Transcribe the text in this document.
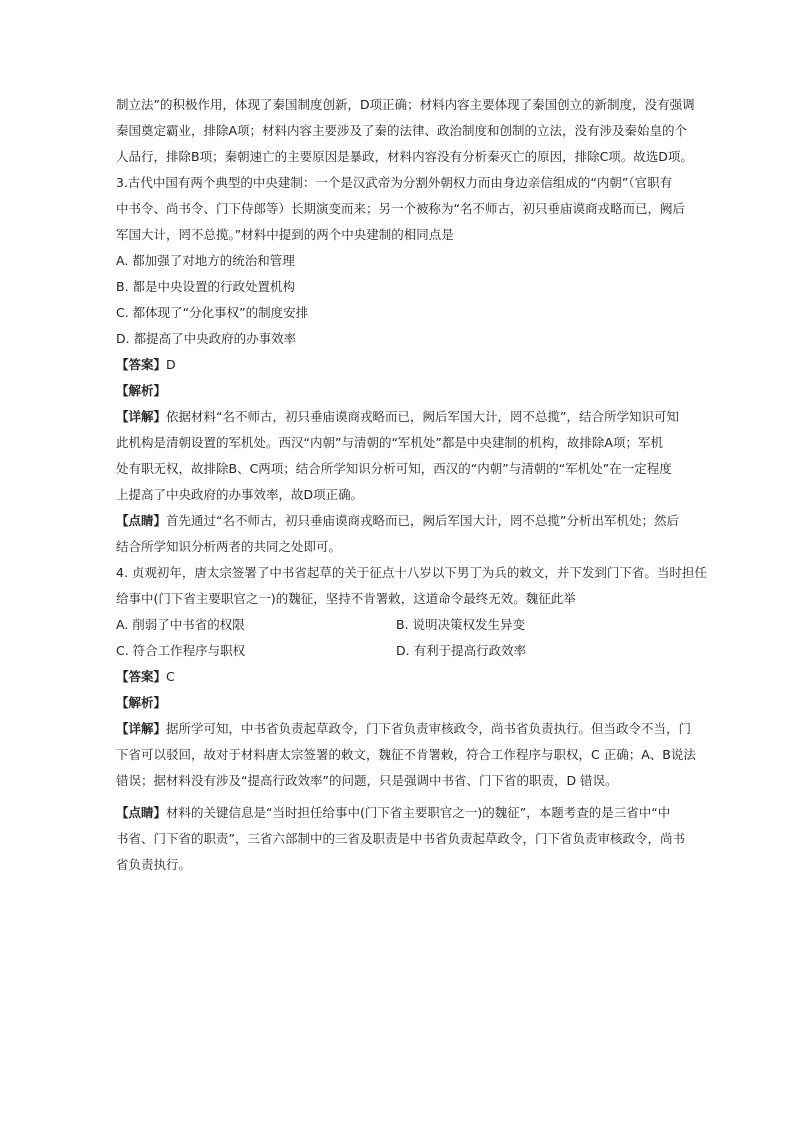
制立法”的积极作用，体现了秦国制度创新，D项正确；材料内容主要体现了秦国创立的新制度，没有强调
秦国奠定霸业，排除A项；材料内容主要涉及了秦的法律、政治制度和创制的立法，没有涉及秦始皇的个
人品行，排除B项；秦朝速亡的主要原因是暴政，材料内容没有分析秦灭亡的原因，排除C项。故选D项。
3.古代中国有两个典型的中央建制：一个是汉武帝为分割外朝权力而由身边亲信组成的“内朝”（官职有
中书令、尚书令、门下侍郎等）长期演变而来；另一个被称为“名不师古，初只垂庙谟商戎略而已，阙后
军国大计，罔不总揽。”材料中提到的两个中央建制的相同点是
A. 都加强了对地方的统治和管理
B. 都是中央设置的行政处置机构
C. 都体现了“分化事权”的制度安排
D. 都提高了中央政府的办事效率
【答案】D
【解析】
【详解】依据材料“名不师古，初只垂庙谟商戎略而已，阙后军国大计，罔不总揽”，结合所学知识可知
此机构是清朝设置的军机处。西汉“内朝”与清朝的“军机处”都是中央建制的机构，故排除A项；军机
处有职无权，故排除B、C两项；结合所学知识分析可知，西汉的“内朝”与清朝的“军机处”在一定程度
上提高了中央政府的办事效率，故D项正确。
【点睛】首先通过“名不师古，初只垂庙谟商戎略而已，阙后军国大计，罔不总揽”分析出军机处；然后
结合所学知识分析两者的共同之处即可。
4. 贞观初年，唐太宗签署了中书省起草的关于征点十八岁以下男丁为兵的敕文，并下发到门下省。当时担任
给事中(门下省主要职官之一)的魏征，坚持不肯署敕，这道命令最终无效。魏征此举
A. 削弱了中书省的权限	B. 说明决策权发生异变
C. 符合工作程序与职权	D. 有利于提高行政效率
【答案】C
【解析】
【详解】据所学可知，中书省负责起草政令，门下省负责审核政令，尚书省负责执行。但当政令不当，门
下省可以驳回，故对于材料唐太宗签署的敕文，魏征不肯署敕，符合工作程序与职权，C 正确；A、B说法
错误；据材料没有涉及“提高行政效率”的问题，只是强调中书省、门下省的职责，D 错误。
【点睛】材料的关键信息是“当时担任给事中(门下省主要职官之一)的魏征”，本题考查的是三省中“中
书省、门下省的职责”，三省六部制中的三省及职责是中书省负责起草政令，门下省负责审核政令，尚书
省负责执行。
